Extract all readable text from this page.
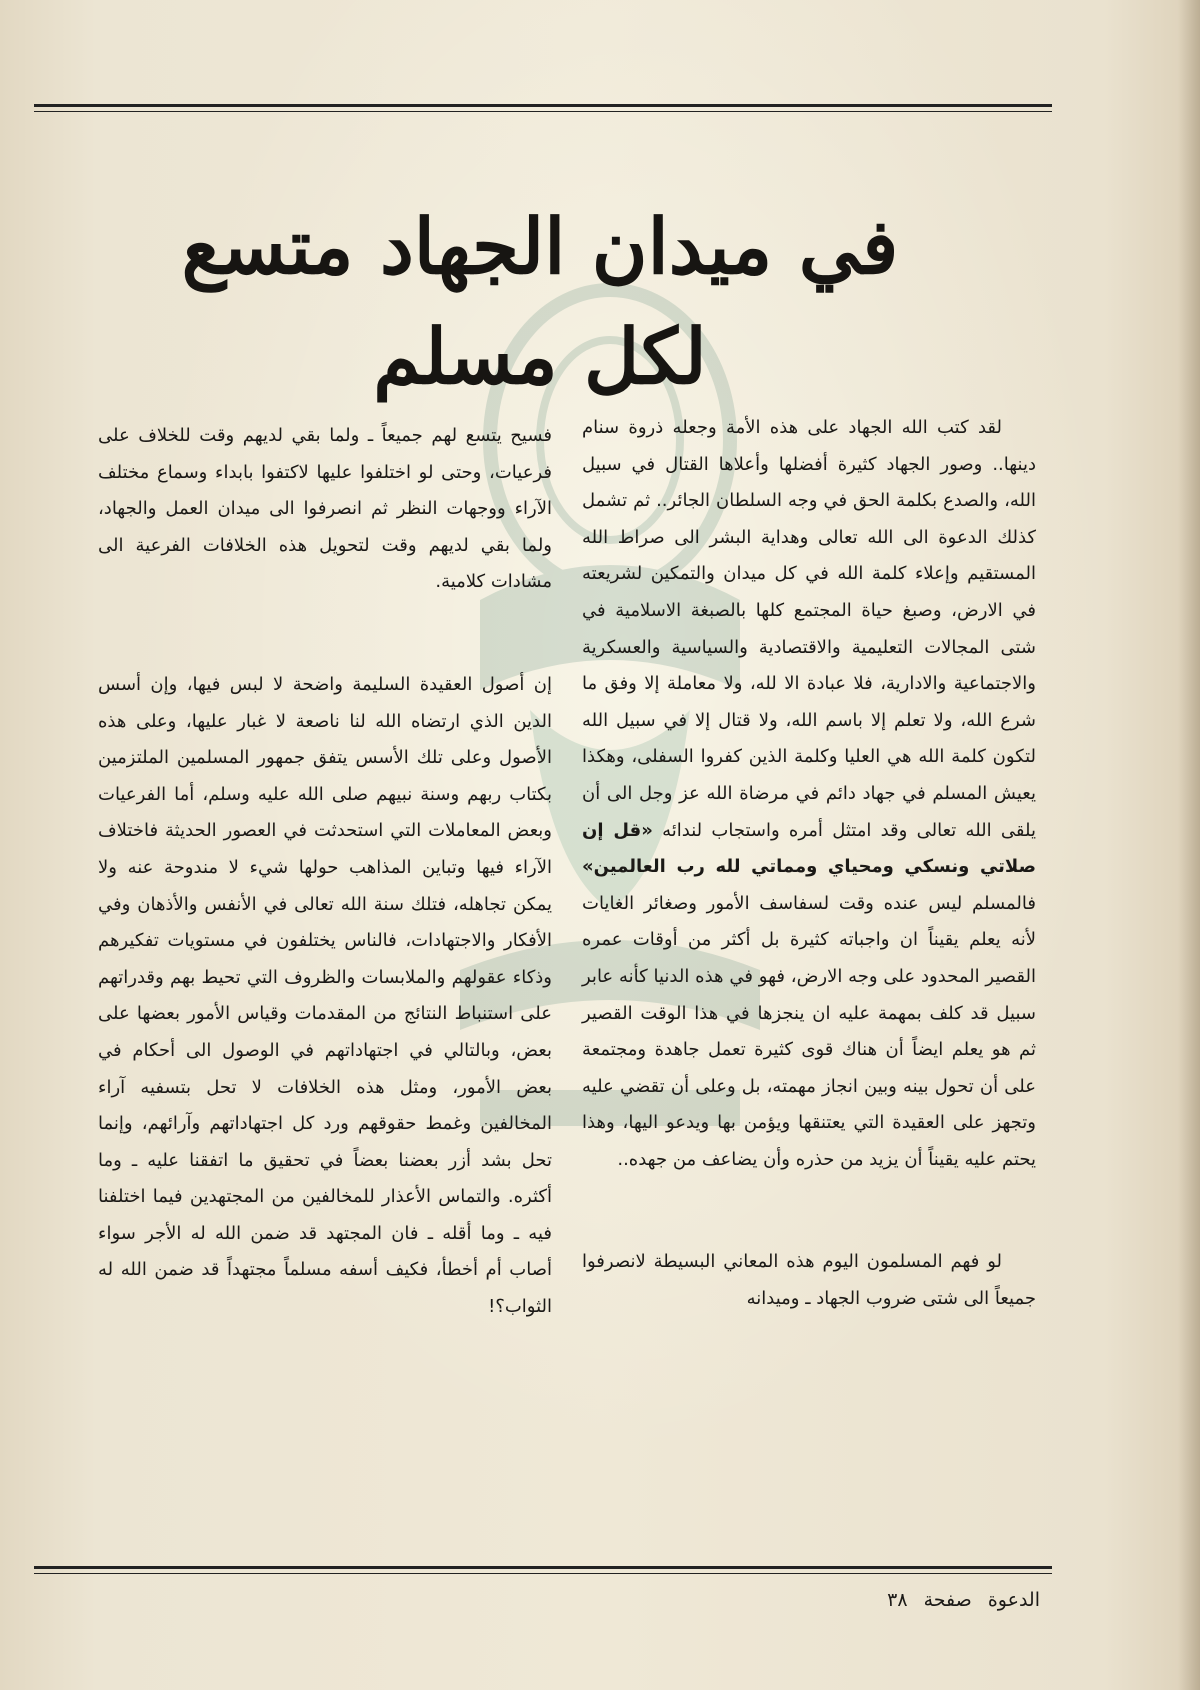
في ميدان الجهاد متسع لكل مسلم

لقد كتب الله الجهاد على هذه الأمة وجعله ذروة سنام دينها.. وصور الجهاد كثيرة أفضلها وأعلاها القتال في سبيل الله، والصدع بكلمة الحق في وجه السلطان الجائر.. ثم تشمل كذلك الدعوة الى الله تعالى وهداية البشر الى صراط الله المستقيم وإعلاء كلمة الله في كل ميدان والتمكين لشريعته في الارض، وصبغ حياة المجتمع كلها بالصبغة الاسلامية في شتى المجالات التعليمية والاقتصادية والسياسية والعسكرية والاجتماعية والادارية، فلا عبادة الا لله، ولا معاملة إلا وفق ما شرع الله، ولا تعلم إلا باسم الله، ولا قتال إلا في سبيل الله لتكون كلمة الله هي العليا وكلمة الذين كفروا السفلى، وهكذا يعيش المسلم في جهاد دائم في مرضاة الله عز وجل الى أن يلقى الله تعالى وقد امتثل أمره واستجاب لندائه «قل إن صلاتي ونسكي ومحياي ومماتي لله رب العالمين» فالمسلم ليس عنده وقت لسفاسف الأمور وصغائر الغايات لأنه يعلم يقيناً ان واجباته كثيرة بل أكثر من أوقات عمره القصير المحدود على وجه الارض، فهو في هذه الدنيا كأنه عابر سبيل قد كلف بمهمة عليه ان ينجزها في هذا الوقت القصير ثم هو يعلم ايضاً أن هناك قوى كثيرة تعمل جاهدة ومجتمعة على أن تحول بينه وبين انجاز مهمته، بل وعلى أن تقضي عليه وتجهز على العقيدة التي يعتنقها ويؤمن بها ويدعو اليها، وهذا يحتم عليه يقيناً أن يزيد من حذره وأن يضاعف من جهده..

لو فهم المسلمون اليوم هذه المعاني البسيطة لانصرفوا جميعاً الى شتى ضروب الجهاد ـ وميدانه

فسيح يتسع لهم جميعاً ـ ولما بقي لديهم وقت للخلاف على فرعيات، وحتى لو اختلفوا عليها لاكتفوا بابداء وسماع مختلف الآراء ووجهات النظر ثم انصرفوا الى ميدان العمل والجهاد، ولما بقي لديهم وقت لتحويل هذه الخلافات الفرعية الى مشادات كلامية.

إن أصول العقيدة السليمة واضحة لا لبس فيها، وإن أسس الدين الذي ارتضاه الله لنا ناصعة لا غبار عليها، وعلى هذه الأصول وعلى تلك الأسس يتفق جمهور المسلمين الملتزمين بكتاب ربهم وسنة نبيهم صلى الله عليه وسلم، أما الفرعيات وبعض المعاملات التي استحدثت في العصور الحديثة فاختلاف الآراء فيها وتباين المذاهب حولها شيء لا مندوحة عنه ولا يمكن تجاهله، فتلك سنة الله تعالى في الأنفس والأذهان وفي الأفكار والاجتهادات، فالناس يختلفون في مستويات تفكيرهم وذكاء عقولهم والملابسات والظروف التي تحيط بهم وقدراتهم على استنباط النتائج من المقدمات وقياس الأمور بعضها على بعض، وبالتالي في اجتهاداتهم في الوصول الى أحكام في بعض الأمور، ومثل هذه الخلافات لا تحل بتسفيه آراء المخالفين وغمط حقوقهم ورد كل اجتهاداتهم وآرائهم، وإنما تحل بشد أزر بعضنا بعضاً في تحقيق ما اتفقنا عليه ـ وما أكثره. والتماس الأعذار للمخالفين من المجتهدين فيما اختلفنا فيه ـ وما أقله ـ فان المجتهد قد ضمن الله له الأجر سواء أصاب أم أخطأ، فكيف أسفه مسلماً مجتهداً قد ضمن الله له الثواب؟!

الدعوة صفحة ٣٨
